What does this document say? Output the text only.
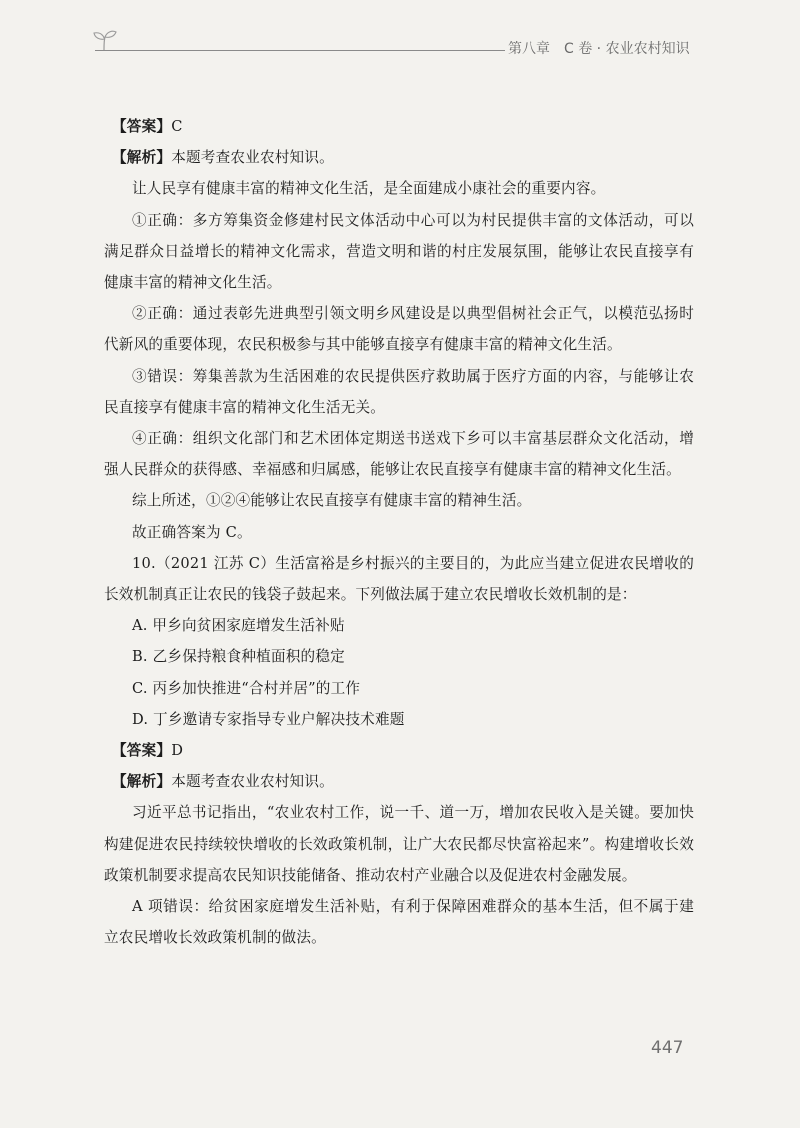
第八章　C 卷 · 农业农村知识

【答案】C

【解析】本题考查农业农村知识。

让人民享有健康丰富的精神文化生活，是全面建成小康社会的重要内容。

①正确：多方筹集资金修建村民文体活动中心可以为村民提供丰富的文体活动，可以满足群众日益增长的精神文化需求，营造文明和谐的村庄发展氛围，能够让农民直接享有健康丰富的精神文化生活。

②正确：通过表彰先进典型引领文明乡风建设是以典型倡树社会正气，以模范弘扬时代新风的重要体现，农民积极参与其中能够直接享有健康丰富的精神文化生活。

③错误：筹集善款为生活困难的农民提供医疗救助属于医疗方面的内容，与能够让农民直接享有健康丰富的精神文化生活无关。

④正确：组织文化部门和艺术团体定期送书送戏下乡可以丰富基层群众文化活动，增强人民群众的获得感、幸福感和归属感，能够让农民直接享有健康丰富的精神文化生活。

综上所述，①②④能够让农民直接享有健康丰富的精神生活。

故正确答案为 C。

10.（2021 江苏 C）生活富裕是乡村振兴的主要目的，为此应当建立促进农民增收的长效机制真正让农民的钱袋子鼓起来。下列做法属于建立农民增收长效机制的是：

A. 甲乡向贫困家庭增发生活补贴

B. 乙乡保持粮食种植面积的稳定

C. 丙乡加快推进“合村并居”的工作

D. 丁乡邀请专家指导专业户解决技术难题

【答案】D

【解析】本题考查农业农村知识。

习近平总书记指出，“农业农村工作，说一千、道一万，增加农民收入是关键。要加快构建促进农民持续较快增收的长效政策机制，让广大农民都尽快富裕起来”。构建增收长效政策机制要求提高农民知识技能储备、推动农村产业融合以及促进农村金融发展。

A 项错误：给贫困家庭增发生活补贴，有利于保障困难群众的基本生活，但不属于建立农民增收长效政策机制的做法。

447
